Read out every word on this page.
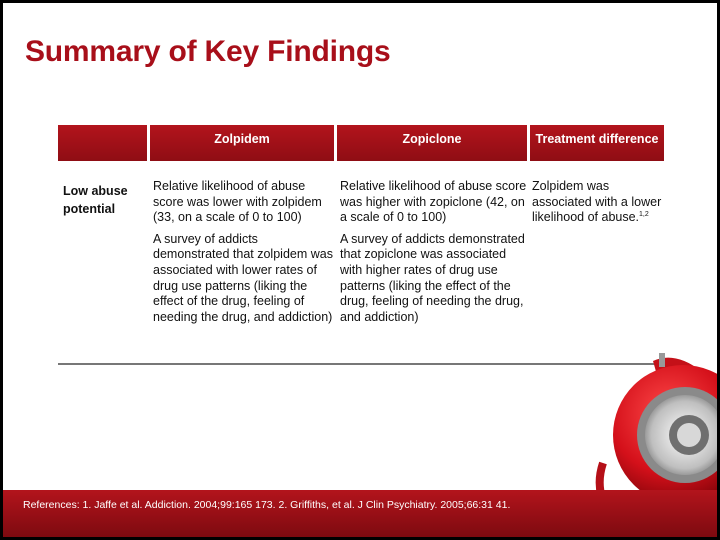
Summary of Key Findings
Zolpidem	Zopiclone	Treatment difference
Low abuse potential

Relative likelihood of abuse score was lower with zolpidem (33, on a scale of 0 to 100)

A survey of addicts demonstrated that zolpidem was associated with lower rates of drug use patterns (liking the effect of the drug, feeling of needing the drug, and addiction)

Relative likelihood of abuse score was higher with zopiclone (42, on a scale of 0 to 100)

A survey of addicts demonstrated that zopiclone was associated with higher rates of drug use patterns (liking the effect of the drug, feeling of needing the drug, and addiction)

Zolpidem was associated with a lower likelihood of abuse.$^{1,2}$
References: 1. Jaffe et al. Addiction. 2004;99:165 173. 2. Griffiths, et al. J Clin Psychiatry. 2005;66:31 41.
